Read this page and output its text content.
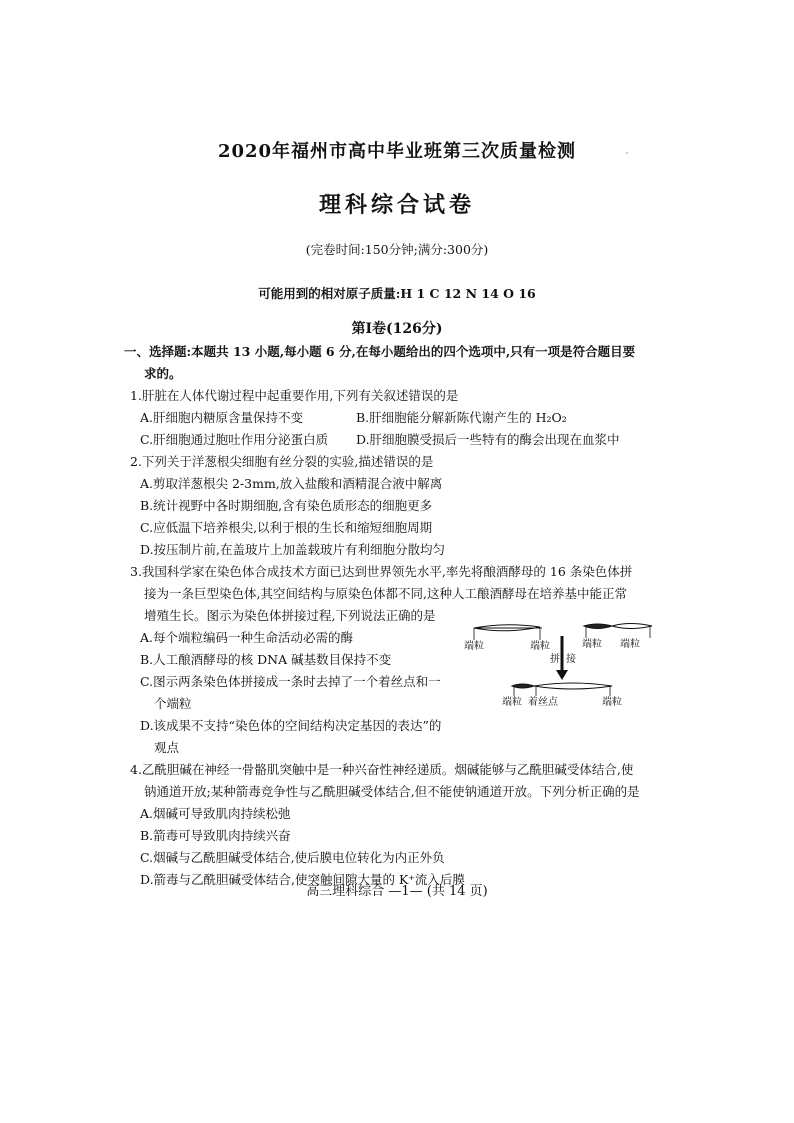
2020年福州市高中毕业班第三次质量检测
理科综合试卷
(完卷时间:150分钟;满分:300分)
可能用到的相对原子质量:H 1 C 12 N 14 O 16
第Ⅰ卷(126分)
一、选择题:本题共 13 小题,每小题 6 分,在每小题给出的四个选项中,只有一项是符合题目要
求的。
1.肝脏在人体代谢过程中起重要作用,下列有关叙述错误的是
A.肝细胞内糖原含量保持不变	B.肝细胞能分解新陈代谢产生的 H₂O₂
C.肝细胞通过胞吐作用分泌蛋白质 D.肝细胞膜受损后一些特有的酶会出现在血浆中
2.下列关于洋葱根尖细胞有丝分裂的实验,描述错误的是
A.剪取洋葱根尖 2-3mm,放入盐酸和酒精混合液中解离
B.统计视野中各时期细胞,含有染色质形态的细胞更多
C.应低温下培养根尖,以利于根的生长和缩短细胞周期
D.按压制片前,在盖玻片上加盖载玻片有利细胞分散均匀
3.我国科学家在染色体合成技术方面已达到世界领先水平,率先将酿酒酵母的 16 条染色体拼
接为一条巨型染色体,其空间结构与原染色体都不同,这种人工酿酒酵母在培养基中能正常
增殖生长。图示为染色体拼接过程,下列说法正确的是
A.每个端粒编码一种生命活动必需的酶
B.人工酿酒酵母的核 DNA 碱基数目保持不变
C.图示两条染色体拼接成一条时去掉了一个着丝点和一
个端粒
D.该成果不支持“染色体的空间结构决定基因的表达”的
观点
端粒	端粒	端粒 端粒
拼 接
端粒 着丝点	端粒
4.乙酰胆碱在神经一骨骼肌突触中是一种兴奋性神经递质。烟碱能够与乙酰胆碱受体结合,使
钠通道开放;某种箭毒竞争性与乙酰胆碱受体结合,但不能使钠通道开放。下列分析正确的是
A.烟碱可导致肌肉持续松弛
B.箭毒可导致肌肉持续兴奋
C.烟碱与乙酰胆碱受体结合,使后膜电位转化为内正外负
D.箭毒与乙酰胆碱受体结合,使突触间隙大量的 K⁺流入后膜
高三理科综合 —1— (共 14 页)
